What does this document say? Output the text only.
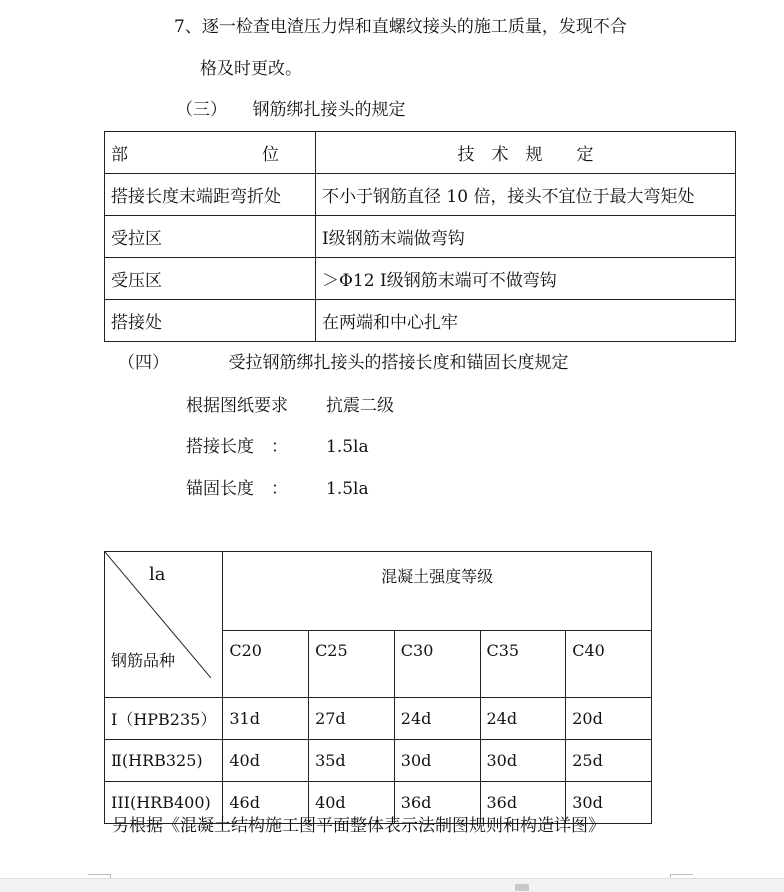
7、逐一检查电渣压力焊和直螺纹接头的施工质量，发现不合
格及时更改。
（三）　　钢筋绑扎接头的规定
部 位	技　术　规　　定
搭接长度末端距弯折处	不小于钢筋直径 10 倍，接头不宜位于最大弯矩处
受拉区	Ⅰ级钢筋末端做弯钩
受压区	＞Φ12 Ⅰ级钢筋末端可不做弯钩
搭接处	在两端和中心扎牢
（四）　　　　受拉钢筋绑扎接头的搭接长度和锚固长度规定
根据图纸要求 抗震二级
搭接长度　： 1.5la
锚固长度　： 1.5la
la
钢筋品种	混凝土强度等级				
	C20	C25	C30	C35	C40
Ⅰ（HPB235）	31d	27d	24d	24d	20d
Ⅱ(HRB325)	40d	35d	30d	30d	25d
III(HRB400)	46d	40d	36d	36d	30d
另根据《混凝土结构施工图平面整体表示法制图规则和构造详图》
